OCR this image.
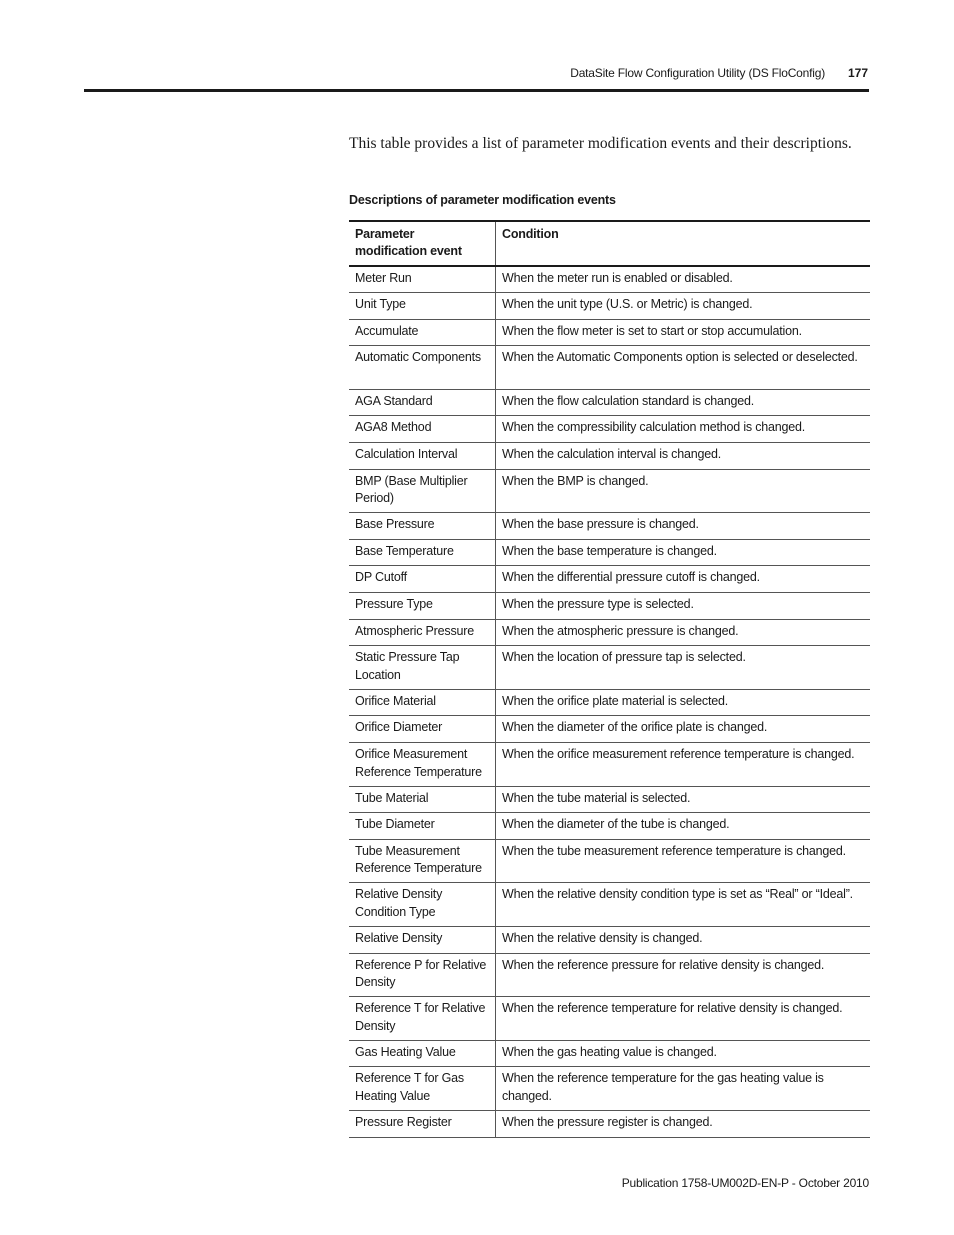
DataSite Flow Configuration Utility (DS FloConfig) 177

This table provides a list of parameter modification events and their descriptions.

Descriptions of parameter modification events
Parameter modification event	Condition
Meter Run	When the meter run is enabled or disabled.
Unit Type	When the unit type (U.S. or Metric) is changed.
Accumulate	When the flow meter is set to start or stop accumulation.
Automatic Components	When the Automatic Components option is selected or deselected.
AGA Standard	When the flow calculation standard is changed.
AGA8 Method	When the compressibility calculation method is changed.
Calculation Interval	When the calculation interval is changed.
BMP (Base Multiplier Period)	When the BMP is changed.
Base Pressure	When the base pressure is changed.
Base Temperature	When the base temperature is changed.
DP Cutoff	When the differential pressure cutoff is changed.
Pressure Type	When the pressure type is selected.
Atmospheric Pressure	When the atmospheric pressure is changed.
Static Pressure Tap Location	When the location of pressure tap is selected.
Orifice Material	When the orifice plate material is selected.
Orifice Diameter	When the diameter of the orifice plate is changed.
Orifice Measurement Reference Temperature	When the orifice measurement reference temperature is changed.
Tube Material	When the tube material is selected.
Tube Diameter	When the diameter of the tube is changed.
Tube Measurement Reference Temperature	When the tube measurement reference temperature is changed.
Relative Density Condition Type	When the relative density condition type is set as “Real” or “Ideal”.
Relative Density	When the relative density is changed.
Reference P for Relative Density	When the reference pressure for relative density is changed.
Reference T for Relative Density	When the reference temperature for relative density is changed.
Gas Heating Value	When the gas heating value is changed.
Reference T for Gas Heating Value	When the reference temperature for the gas heating value is changed.
Pressure Register	When the pressure register is changed.
Publication 1758-UM002D-EN-P - October 2010
